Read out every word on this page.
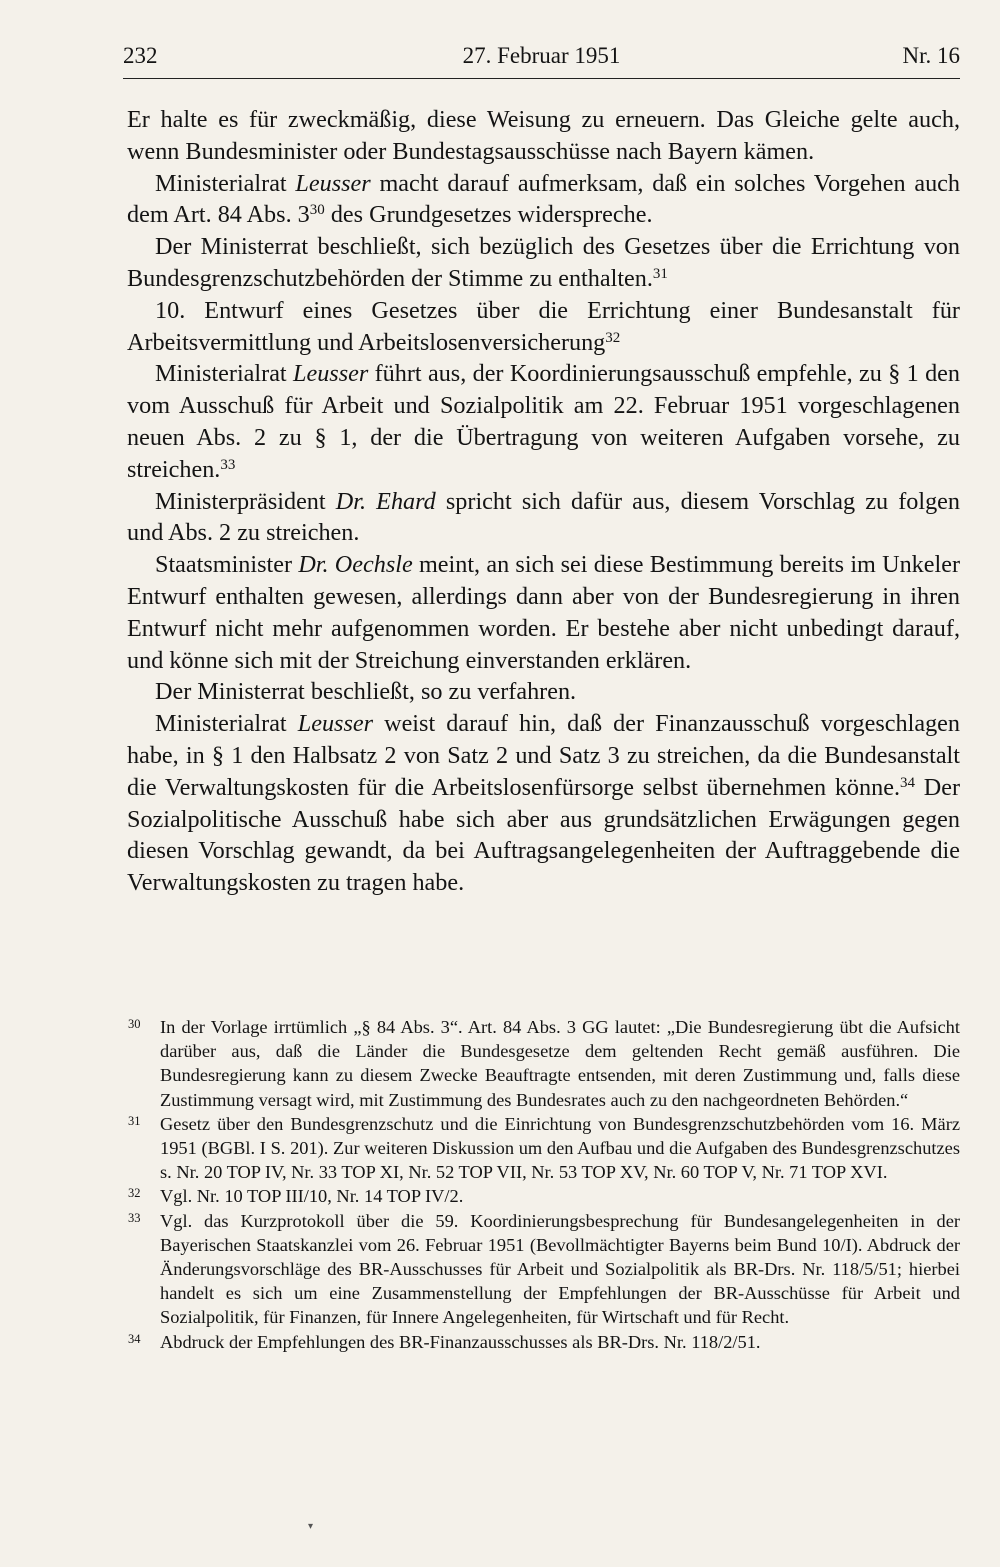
232	27. Februar 1951	Nr. 16

Er halte es für zweckmäßig, diese Weisung zu erneuern. Das Gleiche gelte auch, wenn Bundesminister oder Bundestagsausschüsse nach Bayern kämen.

Ministerialrat Leusser macht darauf aufmerksam, daß ein solches Vorgehen auch dem Art. 84 Abs. $3^{30}$ des Grundgesetzes widerspreche.

Der Ministerrat beschließt, sich bezüglich des Gesetzes über die Errichtung von Bundesgrenzschutzbehörden der Stimme zu enthalten.$^{31}$

10. Entwurf eines Gesetzes über die Errichtung einer Bundesanstalt für Arbeitsvermittlung und Arbeitslosenversicherung$^{32}$

Ministerialrat Leusser führt aus, der Koordinierungsausschuß empfehle, zu § 1 den vom Ausschuß für Arbeit und Sozialpolitik am 22. Februar 1951 vorgeschlagenen neuen Abs. 2 zu § 1, der die Übertragung von weiteren Aufgaben vorsehe, zu streichen.$^{33}$

Ministerpräsident Dr. Ehard spricht sich dafür aus, diesem Vorschlag zu folgen und Abs. 2 zu streichen.

Staatsminister Dr. Oechsle meint, an sich sei diese Bestimmung bereits im Unkeler Entwurf enthalten gewesen, allerdings dann aber von der Bundesregierung in ihren Entwurf nicht mehr aufgenommen worden. Er bestehe aber nicht unbedingt darauf, und könne sich mit der Streichung einverstanden erklären.

Der Ministerrat beschließt, so zu verfahren.

Ministerialrat Leusser weist darauf hin, daß der Finanzausschuß vorgeschlagen habe, in § 1 den Halbsatz 2 von Satz 2 und Satz 3 zu streichen, da die Bundesanstalt die Verwaltungskosten für die Arbeitslosenfürsorge selbst übernehmen könne.$^{34}$ Der Sozialpolitische Ausschuß habe sich aber aus grundsätzlichen Erwägungen gegen diesen Vorschlag gewandt, da bei Auftragsangelegenheiten der Auftraggebende die Verwaltungskosten zu tragen habe.

30 In der Vorlage irrtümlich „§ 84 Abs. 3“. Art. 84 Abs. 3 GG lautet: „Die Bundesregierung übt die Aufsicht darüber aus, daß die Länder die Bundesgesetze dem geltenden Recht gemäß ausführen. Die Bundesregierung kann zu diesem Zwecke Beauftragte entsenden, mit deren Zustimmung und, falls diese Zustimmung versagt wird, mit Zustimmung des Bundesrates auch zu den nachgeordneten Behörden.“
31 Gesetz über den Bundesgrenzschutz und die Einrichtung von Bundesgrenzschutzbehörden vom 16. März 1951 (BGBl. I S. 201). Zur weiteren Diskussion um den Aufbau und die Aufgaben des Bundesgrenzschutzes s. Nr. 20 TOP IV, Nr. 33 TOP XI, Nr. 52 TOP VII, Nr. 53 TOP XV, Nr. 60 TOP V, Nr. 71 TOP XVI.
32 Vgl. Nr. 10 TOP III/10, Nr. 14 TOP IV/2.
33 Vgl. das Kurzprotokoll über die 59. Koordinierungsbesprechung für Bundesangelegenheiten in der Bayerischen Staatskanzlei vom 26. Februar 1951 (Bevollmächtigter Bayerns beim Bund 10/I). Abdruck der Änderungsvorschläge des BR-Ausschusses für Arbeit und Sozialpolitik als BR-Drs. Nr. 118/5/51; hierbei handelt es sich um eine Zusammenstellung der Empfehlungen der BR-Ausschüsse für Arbeit und Sozialpolitik, für Finanzen, für Innere Angelegenheiten, für Wirtschaft und für Recht.
34 Abdruck der Empfehlungen des BR-Finanzausschusses als BR-Drs. Nr. 118/2/51.
▾
